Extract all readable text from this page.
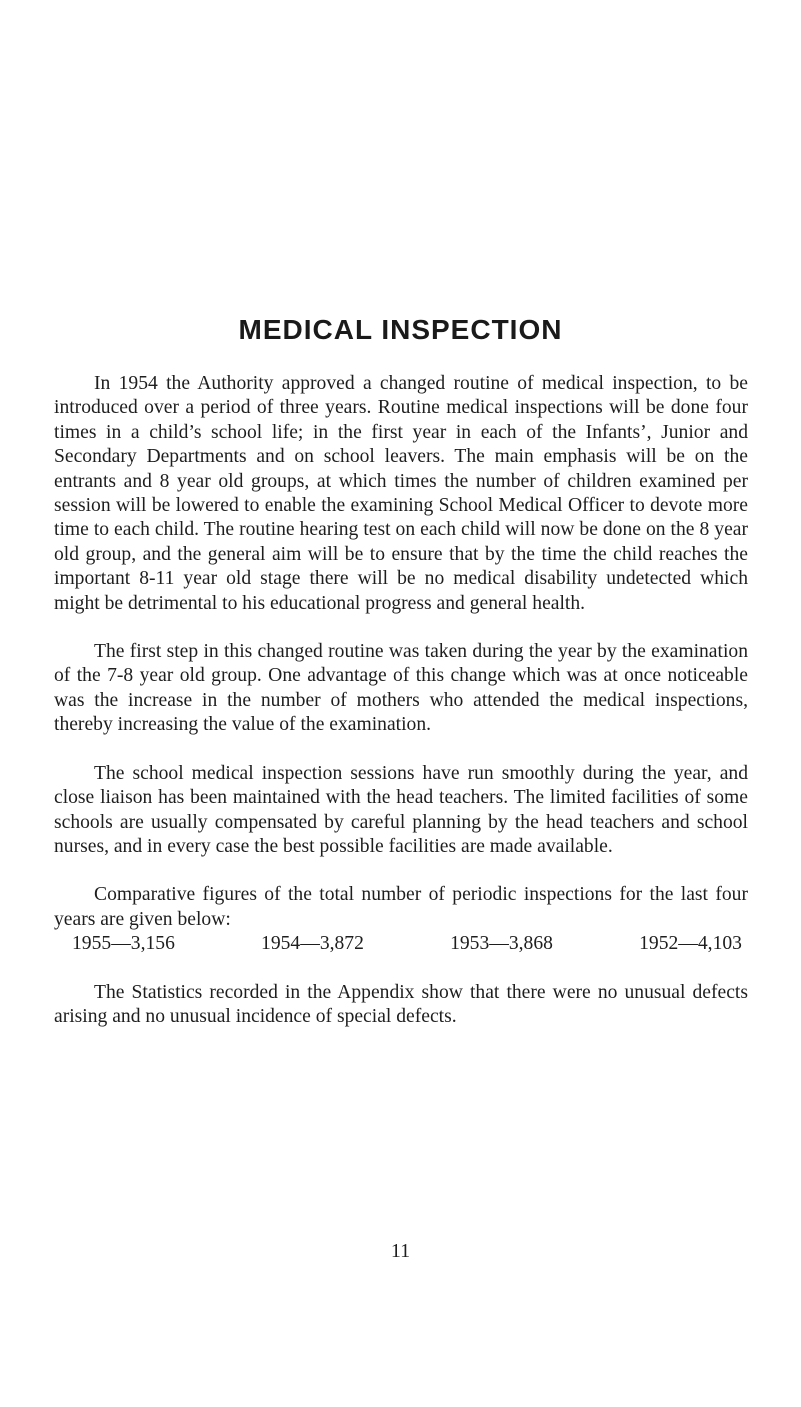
MEDICAL INSPECTION

In 1954 the Authority approved a changed routine of medical inspection, to be introduced over a period of three years. Routine medical inspections will be done four times in a child’s school life; in the first year in each of the Infants’, Junior and Secondary Departments and on school leavers. The main emphasis will be on the entrants and 8 year old groups, at which times the number of children examined per session will be lowered to enable the examining School Medical Officer to devote more time to each child. The routine hearing test on each child will now be done on the 8 year old group, and the general aim will be to ensure that by the time the child reaches the important 8-11 year old stage there will be no medical disability undetected which might be detrimental to his educational progress and general health.

The first step in this changed routine was taken during the year by the examination of the 7-8 year old group. One advantage of this change which was at once noticeable was the increase in the number of mothers who attended the medical inspections, thereby increasing the value of the examination.

The school medical inspection sessions have run smoothly during the year, and close liaison has been maintained with the head teachers. The limited facilities of some schools are usually compensated by careful planning by the head teachers and school nurses, and in every case the best possible facilities are made available.

Comparative figures of the total number of periodic inspections for the last four years are given below:

1955—3,156	1954—3,872	1953—3,868	1952—4,103

The Statistics recorded in the Appendix show that there were no unusual defects arising and no unusual incidence of special defects.

11
